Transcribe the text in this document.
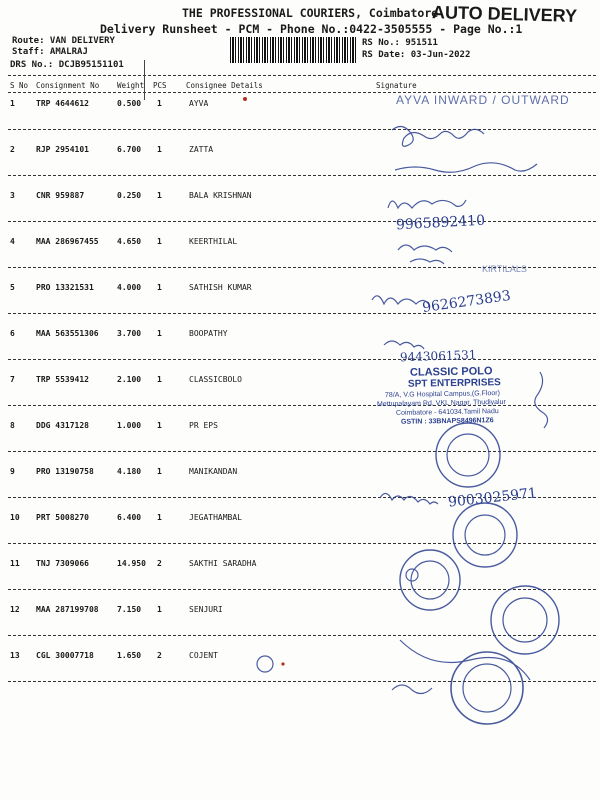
THE PROFESSIONAL COURIERS, Coimbatore
AUTO DELIVERY
Delivery Runsheet - PCM - Phone No.:0422-3505555 - Page No.:1
Route: VAN DELIVERY
Staff: AMALRAJ
DRS No.: DCJB95151101
RS No.: 951511
RS Date: 03-Jun-2022
S No Consignment No Weight PCS	Consignee Details	Signature
1	TRP 4644612	0.500 1	AYVA
2	RJP 2954101	6.700 1	ZATTA
3	CNR 959887	0.250 1	BALA KRISHNAN
4	MAA 286967455 4.650 1	KEERTHILAL
5	PRO 13321531	4.000 1	SATHISH KUMAR
6	MAA 563551306 3.700 1	BOOPATHY
7	TRP 5539412	2.100 1	CLASSICBOLO
8	DDG 4317128	1.000 1	PR EPS
9	PRO 13190758	4.180 1	MANIKANDAN
10 PRT 5008270	6.400 1	JEGATHAMBAL
11 TNJ 7309066	14.950 2	SAKTHI SARADHA
12 MAA 287199708 7.150 1	SENJURI
13 CGL 30007718	1.650 2	COJENT
AYVA INWARD / OUTWARD
9965892410
KIRTILALS
9626273893
9443061531
CLASSIC POLO
SPT ENTERPRISES
78/A, V.G Hospital Campus,(G.Floor)
Mettupalayam Rd, VKL Nagar, Thudiyalur
Coimbatore - 641034.Tamil Nadu
GSTIN : 33BNAPS8496N1Z6
9003025971
